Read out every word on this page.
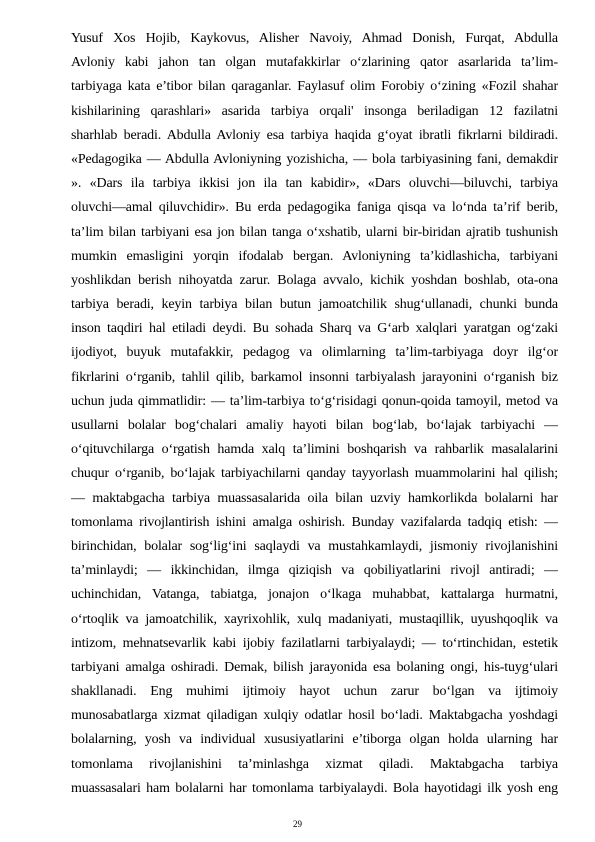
Yusuf Xos Hojib, Kaykovus, Alisher Navoiy, Ahmad Donish, Furqat, Abdulla
Avloniy kabi jahon tan olgan mutafakkirlar o‘zlarining qator asarlarida ta’lim-
tarbiyaga kata e’tibor bilan qaraganlar. Faylasuf olim Forobiy o‘zining «Fozil shahar
kishilarining qarashlari» asarida tarbiya orqali' insonga beriladigan 12 fazilatni
sharhlab beradi. Abdulla Avloniy esa tarbiya haqida g‘oyat ibratli fikrlarni bildiradi.
«Pedagogika — Abdulla Avloniyning yozishicha, — bola tarbiyasining fani, demakdir
». «Dars ila tarbiya ikkisi jon ila tan kabidir», «Dars oluvchi—biluvchi, tarbiya
oluvchi—amal qiluvchidir». Bu erda pedagogika faniga qisqa va lo‘nda ta’rif berib,
ta’lim bilan tarbiyani esa jon bilan tanga o‘xshatib, ularni bir-biridan ajratib tushunish
mumkin emasligini yorqin ifodalab bergan. Avloniyning ta’kidlashicha, tarbiyani
yoshlikdan berish nihoyatda zarur. Bolaga avvalo, kichik yoshdan boshlab, ota-ona
tarbiya beradi, keyin tarbiya bilan butun jamoatchilik shug‘ullanadi, chunki bunda
inson taqdiri hal etiladi deydi. Bu sohada Sharq va G‘arb xalqlari yaratgan og‘zaki
ijodiyot, buyuk mutafakkir, pedagog va olimlarning ta’lim-tarbiyaga doyr ilg‘or
fikrlarini o‘rganib, tahlil qilib, barkamol insonni tarbiyalash jarayonini o‘rganish biz
uchun juda qimmatlidir: — ta’lim-tarbiya to‘g‘risidagi qonun-qoida tamoyil, metod va
usullarni bolalar bog‘chalari amaliy hayoti bilan bog‘lab, bo‘lajak tarbiyachi —
o‘qituvchilarga o‘rgatish hamda xalq ta’limini boshqarish va rahbarlik masalalarini
chuqur o‘rganib, bo‘lajak tarbiyachilarni qanday tayyorlash muammolarini hal qilish;
— maktabgacha tarbiya muassasalarida oila bilan uzviy hamkorlikda bolalarni har
tomonlama rivojlantirish ishini amalga oshirish. Bunday vazifalarda tadqiq etish: —
birinchidan, bolalar sog‘lig‘ini saqlaydi va mustahkamlaydi, jismoniy rivojlanishini
ta’minlaydi; — ikkinchidan, ilmga qiziqish va qobiliyatlarini rivojl antiradi; —
uchinchidan, Vatanga, tabiatga, jonajon o‘lkaga muhabbat, kattalarga hurmatni,
o‘rtoqlik va jamoatchilik, xayrixohlik, xulq madaniyati, mustaqillik, uyushqoqlik va
intizom, mehnatsevarlik kabi ijobiy fazilatlarni tarbiyalaydi; — to‘rtinchidan, estetik
tarbiyani amalga oshiradi. Demak, bilish jarayonida esa bolaning ongi, his-tuyg‘ulari
shakllanadi. Eng muhimi ijtimoiy hayot uchun zarur bo‘lgan va ijtimoiy
munosabatlarga xizmat qiladigan xulqiy odatlar hosil bo‘ladi. Maktabgacha yoshdagi
bolalarning, yosh va individual xususiyatlarini e’tiborga olgan holda ularning har
tomonlama rivojlanishini ta’minlashga xizmat qiladi. Maktabgacha tarbiya
muassasalari ham bolalarni har tomonlama tarbiyalaydi. Bola hayotidagi ilk yosh eng
29
